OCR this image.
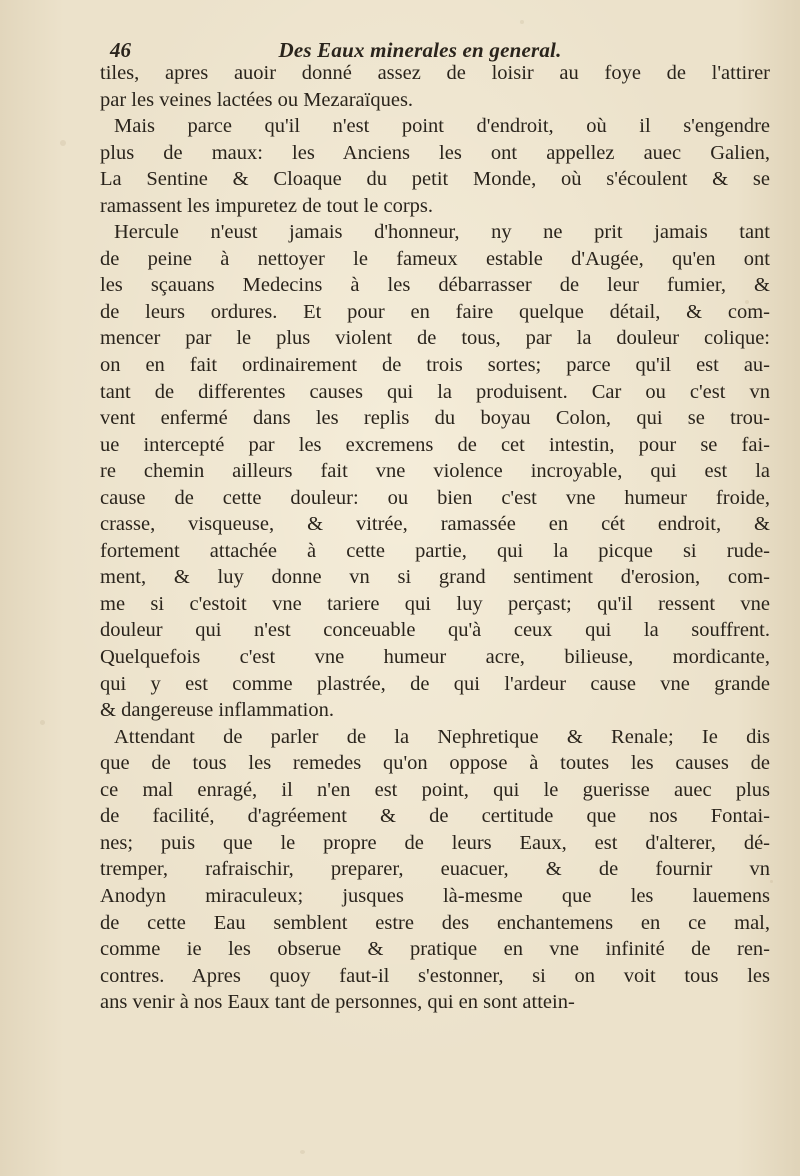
46	Des Eaux minerales en general.
tiles, apres auoir donné assez de loisir au foye de l'attirer
par les veines lactées ou Mezaraïques.
Mais parce qu'il n'est point d'endroit, où il s'engendre
plus de maux: les Anciens les ont appellez auec Galien,
La Sentine & Cloaque du petit Monde, où s'écoulent & se
ramassent les impuretez de tout le corps.
Hercule n'eust jamais d'honneur, ny ne prit jamais tant
de peine à nettoyer le fameux estable d'Augée, qu'en ont
les sçauans Medecins à les débarrasser de leur fumier, &
de leurs ordures. Et pour en faire quelque détail, & com-
mencer par le plus violent de tous, par la douleur colique:
on en fait ordinairement de trois sortes; parce qu'il est au-
tant de differentes causes qui la produisent. Car ou c'est vn
vent enfermé dans les replis du boyau Colon, qui se trou-
ue intercepté par les excremens de cet intestin, pour se fai-
re chemin ailleurs fait vne violence incroyable, qui est la
cause de cette douleur: ou bien c'est vne humeur froide,
crasse, visqueuse, & vitrée, ramassée en cét endroit, &
fortement attachée à cette partie, qui la picque si rude-
ment, & luy donne vn si grand sentiment d'erosion, com-
me si c'estoit vne tariere qui luy perçast; qu'il ressent vne
douleur qui n'est conceuable qu'à ceux qui la souffrent.
Quelquefois c'est vne humeur acre, bilieuse, mordicante,
qui y est comme plastrée, de qui l'ardeur cause vne grande
& dangereuse inflammation.
Attendant de parler de la Nephretique & Renale; Ie dis
que de tous les remedes qu'on oppose à toutes les causes de
ce mal enragé, il n'en est point, qui le guerisse auec plus
de facilité, d'agréement & de certitude que nos Fontai-
nes; puis que le propre de leurs Eaux, est d'alterer, dé-
tremper, rafraischir, preparer, euacuer, & de fournir vn
Anodyn miraculeux; jusques là-mesme que les lauemens
de cette Eau semblent estre des enchantemens en ce mal,
comme ie les obserue & pratique en vne infinité de ren-
contres. Apres quoy faut-il s'estonner, si on voit tous les
ans venir à nos Eaux tant de personnes, qui en sont attein-
